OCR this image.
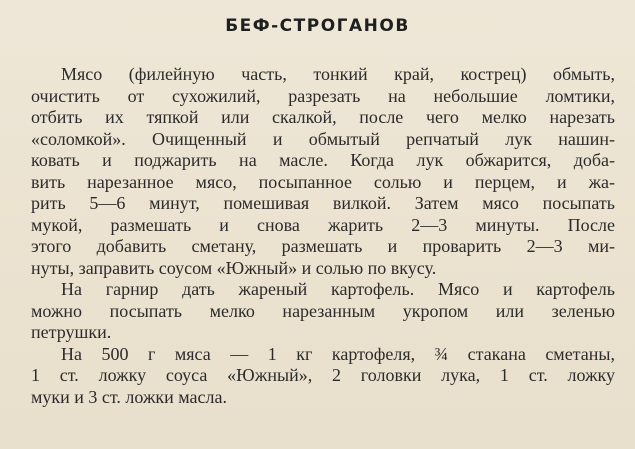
БЕФ-СТРОГАНОВ
Мясо (филейную часть, тонкий край, кострец) обмыть,
очистить от сухожилий, разрезать на небольшие ломтики,
отбить их тяпкой или скалкой, после чего мелко нарезать
«соломкой». Очищенный и обмытый репчатый лук нашин-
ковать и поджарить на масле. Когда лук обжарится, доба-
вить нарезанное мясо, посыпанное солью и перцем, и жа-
рить 5—6 минут, помешивая вилкой. Затем мясо посыпать
мукой, размешать и снова жарить 2—3 минуты. После
этого добавить сметану, размешать и проварить 2—3 ми-
нуты, заправить соусом «Южный» и солью по вкусу.
На гарнир дать жареный картофель. Мясо и картофель
можно посыпать мелко нарезанным укропом или зеленью
петрушки.
На 500 г мяса — 1 кг картофеля, ¾ стакана сметаны,
1 ст. ложку соуса «Южный», 2 головки лука, 1 ст. ложку
муки и 3 ст. ложки масла.
